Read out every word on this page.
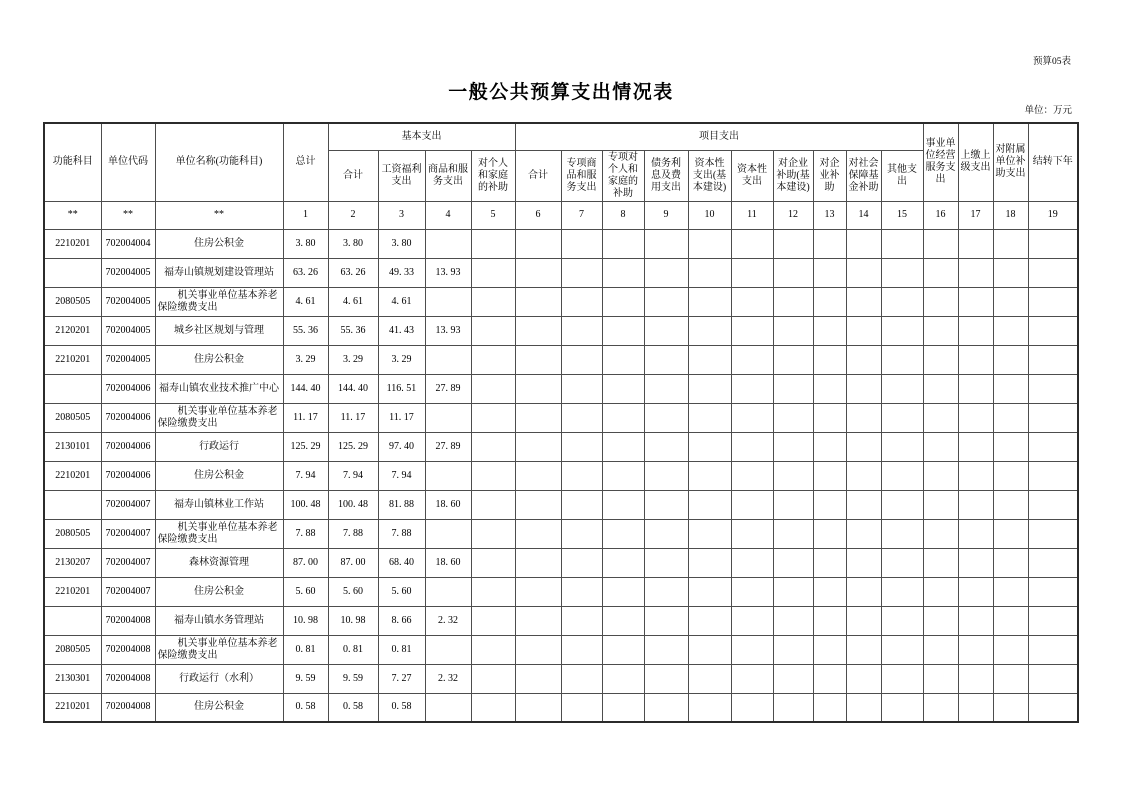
预算05表
一般公共预算支出情况表
单位：万元
功能科目	单位代码	单位名称(功能科目)	总计	基本支出				项目支出										事业单位经营服务支出	上缴上级支出	对附属单位补助支出	结转下年
				合计	工资福利支出	商品和服务支出	对个人和家庭的补助	合计	专项商品和服务支出	专项对个人和家庭的补助	债务利息及费用支出	资本性支出(基本建设)	资本性支出	对企业补助(基本建设)	对企业补助	对社会保障基金补助	其他支出				
**	**	**	1	2	3	4	5	6	7	8	9	10	11	12	13	14	15	16	17	18	19
2210201	702004004	住房公积金	3. 80	3. 80	3. 80																
	702004005	福寿山镇规划建设管理站	63. 26	63. 26	49. 33	13. 93															
2080505	702004005	机关事业单位基本养老保险缴费支出	4. 61	4. 61	4. 61																
2120201	702004005	城乡社区规划与管理	55. 36	55. 36	41. 43	13. 93															
2210201	702004005	住房公积金	3. 29	3. 29	3. 29																
	702004006	福寿山镇农业技术推广中心	144. 40	144. 40	116. 51	27. 89															
2080505	702004006	机关事业单位基本养老保险缴费支出	11. 17	11. 17	11. 17																
2130101	702004006	行政运行	125. 29	125. 29	97. 40	27. 89															
2210201	702004006	住房公积金	7. 94	7. 94	7. 94																
	702004007	福寿山镇林业工作站	100. 48	100. 48	81. 88	18. 60															
2080505	702004007	机关事业单位基本养老保险缴费支出	7. 88	7. 88	7. 88																
2130207	702004007	森林资源管理	87. 00	87. 00	68. 40	18. 60															
2210201	702004007	住房公积金	5. 60	5. 60	5. 60																
	702004008	福寿山镇水务管理站	10. 98	10. 98	8. 66	2. 32															
2080505	702004008	机关事业单位基本养老保险缴费支出	0. 81	0. 81	0. 81																
2130301	702004008	行政运行（水利）	9. 59	9. 59	7. 27	2. 32															
2210201	702004008	住房公积金	0. 58	0. 58	0. 58																
